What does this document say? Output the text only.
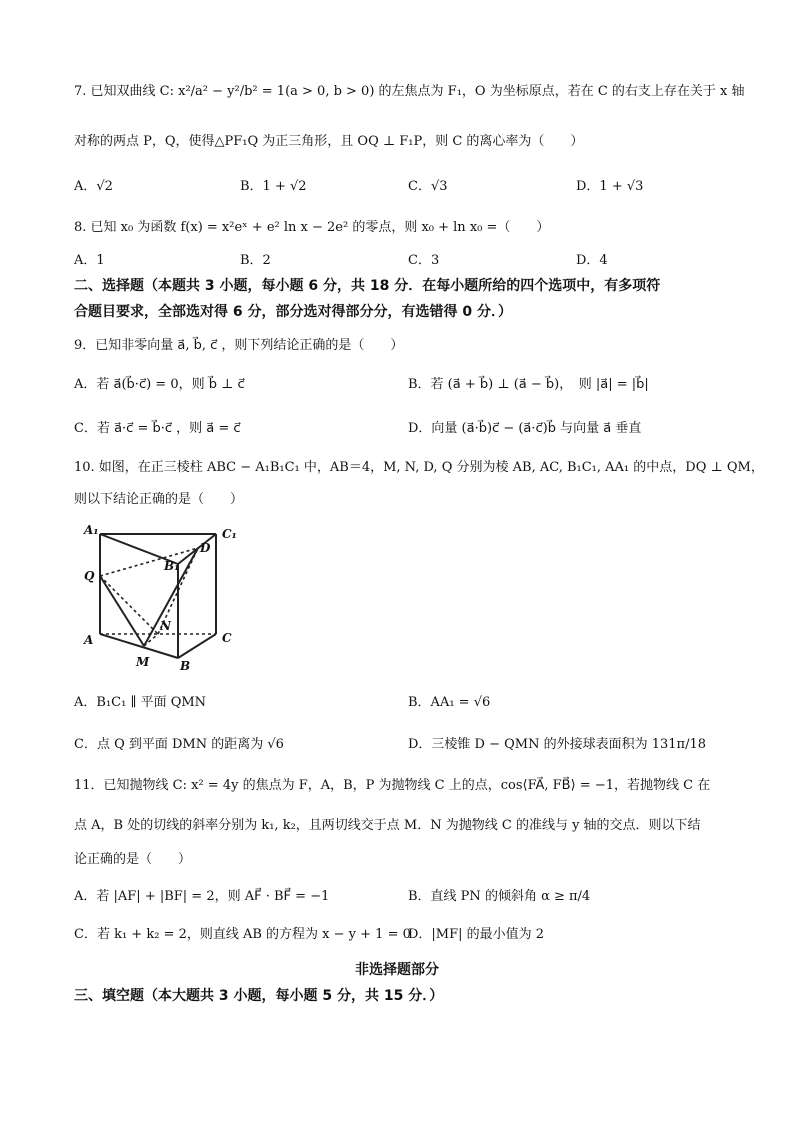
7. 已知双曲线 C: x²/a² − y²/b² = 1(a > 0, b > 0) 的左焦点为 F₁，O 为坐标原点，若在 C 的右支上存在关于 x 轴
对称的两点 P，Q，使得△PF₁Q 为正三角形，且 OQ ⊥ F₁P，则 C 的离心率为（　　）
A．√2	B．1 + √2	C．√3	D．1 + √3
8. 已知 x₀ 为函数 f(x) = x²eˣ + e² ln x − 2e² 的零点，则 x₀ + ln x₀ =（　　）
A．1	B．2	C．3	D．4
二、选择题（本题共 3 小题，每小题 6 分，共 18 分．在每小题所给的四个选项中，有多项符
合题目要求，全部选对得 6 分，部分选对得部分分，有选错得 0 分．）
9．已知非零向量 a⃗, b⃗, c⃗ ，则下列结论正确的是（　　）
A．若 a⃗(b⃗·c⃗) = 0，则 b⃗ ⊥ c⃗	B．若 (a⃗ + b⃗) ⊥ (a⃗ − b⃗)，　则 |a⃗| = |b⃗|
C．若 a⃗·c⃗ = b⃗·c⃗ ，则 a⃗ = c⃗	D．向量 (a⃗·b⃗)c⃗ − (a⃗·c⃗)b⃗ 与向量 a⃗ 垂直
10. 如图，在正三棱柱 ABC − A₁B₁C₁ 中，AB＝4，M, N, D, Q 分别为棱 AB, AC, B₁C₁, AA₁ 的中点，DQ ⊥ QM，
则以下结论正确的是（　　）
A₁	C₁
D
B₁
Q
N
A	C
M	B
A．B₁C₁ ∥ 平面 QMN	B．AA₁ = √6
C．点 Q 到平面 DMN 的距离为 √6	D．三棱锥 D − QMN 的外接球表面积为 131π/18
11．已知抛物线 C: x² = 4y 的焦点为 F，A，B，P 为抛物线 C 上的点，cos⟨FA⃗, FB⃗⟩ = −1，若抛物线 C 在
点 A，B 处的切线的斜率分别为 k₁, k₂，且两切线交于点 M．N 为抛物线 C 的准线与 y 轴的交点．则以下结
论正确的是（　　）
A．若 |AF| + |BF| = 2，则 AF⃗ · BF⃗ = −1	B．直线 PN 的倾斜角 α ≥ π/4
C．若 k₁ + k₂ = 2，则直线 AB 的方程为 x − y + 1 = 0
D．|MF| 的最小值为 2
非选择题部分
三、填空题（本大题共 3 小题，每小题 5 分，共 15 分．）
